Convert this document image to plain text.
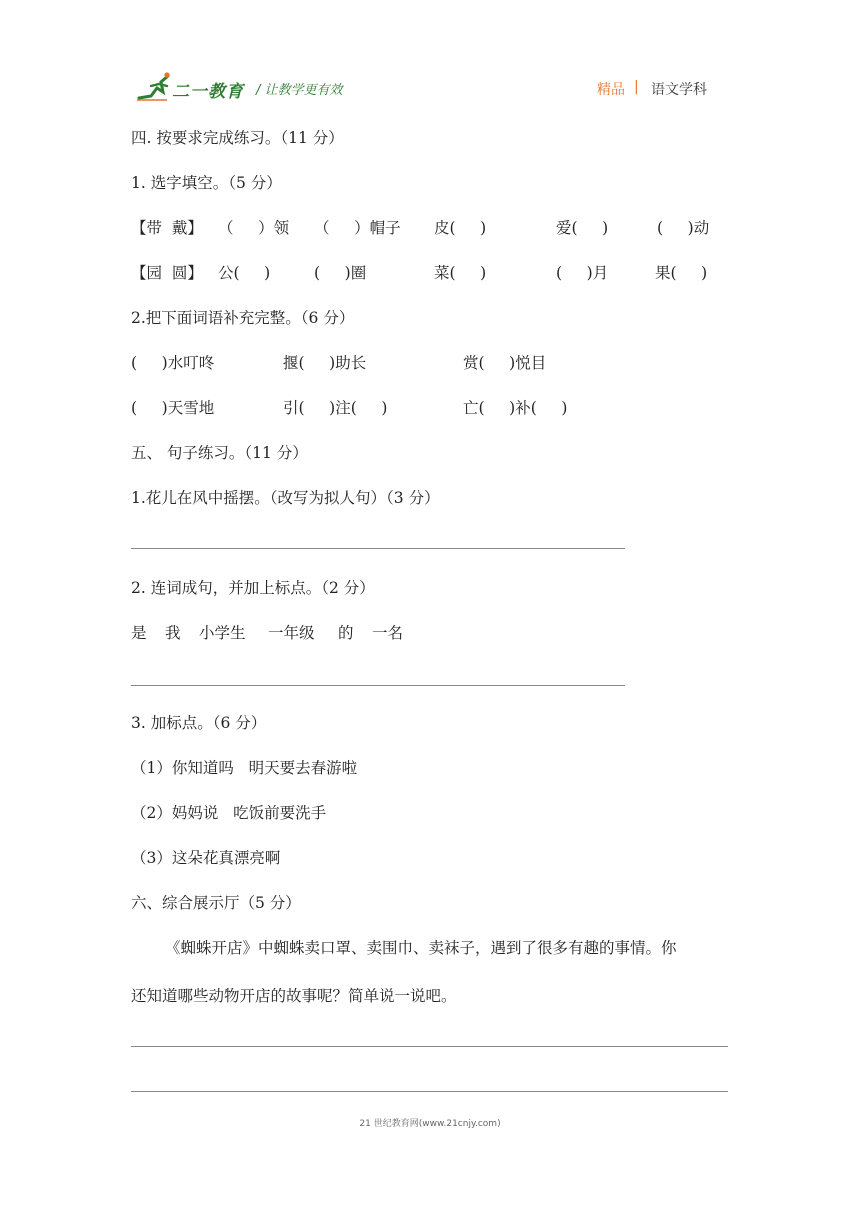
二一教育 / 让教学更有效	精品 | 语文学科
四. 按要求完成练习。（11 分）
1. 选字填空。（5 分）
【带  戴】 （     ）领 （     ）帽子 皮(     )	爱(     )	(     )动
【园  圆】 公(     )	(     )圈	菜(     )	(     )月	果(     )
2.把下面词语补充完整。（6 分）
(     )水叮咚	揠(     )助长	赏(     )悦目
(     )天雪地	引(     )注(     )	亡(     )补(     )
五、 句子练习。（11 分）
1.花儿在风中摇摆。（改写为拟人句）（3 分）
2. 连词成句，并加上标点。（2 分）
是 我 小学生 一年级 的 一名
3. 加标点。（6 分）
（1）你知道吗   明天要去春游啦
（2）妈妈说   吃饭前要洗手
（3）这朵花真漂亮啊
六、综合展示厅（5 分）
《蜘蛛开店》中蜘蛛卖口罩、卖围巾、卖袜子，遇到了很多有趣的事情。你
还知道哪些动物开店的故事呢？简单说一说吧。
21 世纪教育网(www.21cnjy.com)
